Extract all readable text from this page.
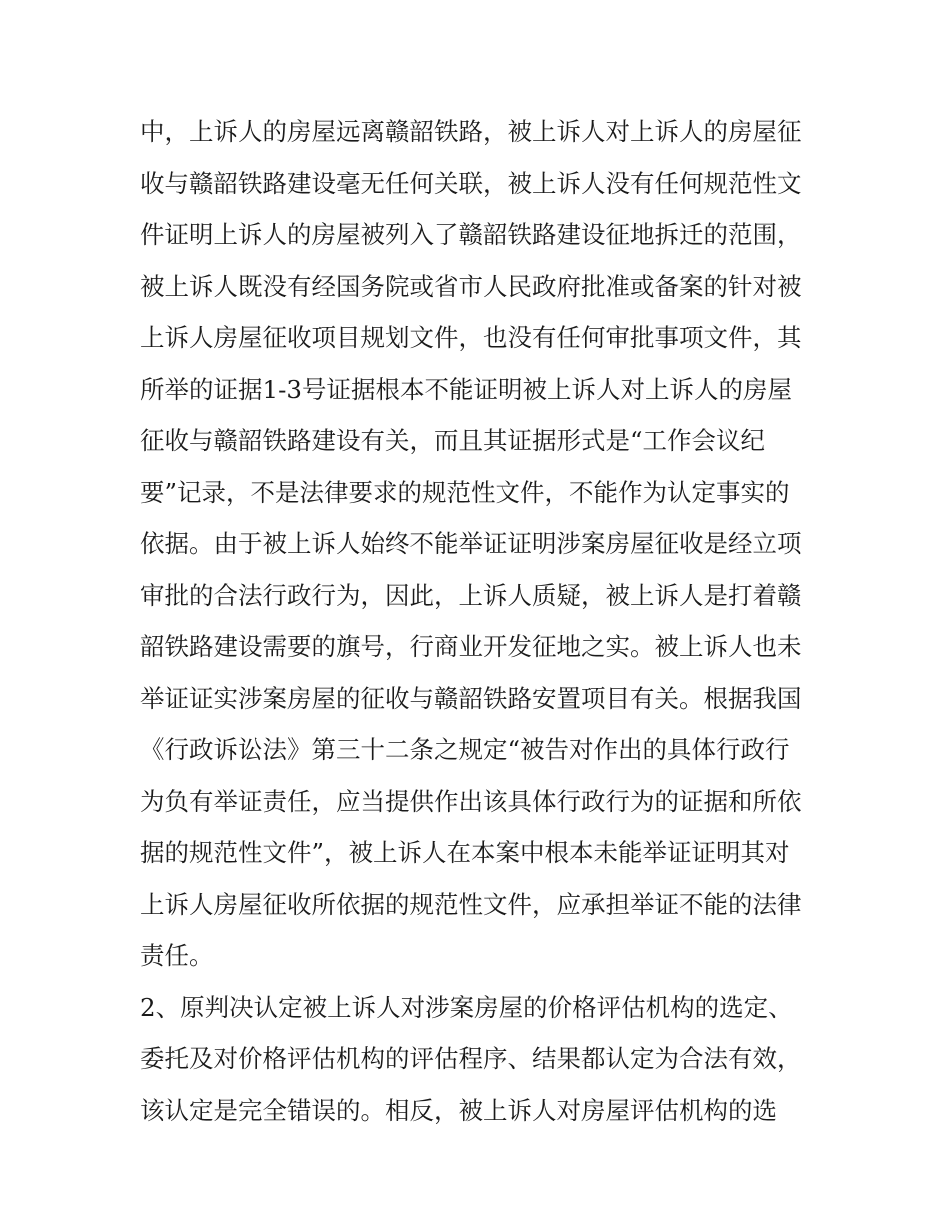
中，上诉人的房屋远离赣韶铁路，被上诉人对上诉人的房屋征
收与赣韶铁路建设毫无任何关联，被上诉人没有任何规范性文
件证明上诉人的房屋被列入了赣韶铁路建设征地拆迁的范围，
被上诉人既没有经国务院或省市人民政府批准或备案的针对被
上诉人房屋征收项目规划文件，也没有任何审批事项文件，其
所举的证据1-3号证据根本不能证明被上诉人对上诉人的房屋
征收与赣韶铁路建设有关，而且其证据形式是“工作会议纪
要”记录，不是法律要求的规范性文件，不能作为认定事实的
依据。由于被上诉人始终不能举证证明涉案房屋征收是经立项
审批的合法行政行为，因此，上诉人质疑，被上诉人是打着赣
韶铁路建设需要的旗号，行商业开发征地之实。被上诉人也未
举证证实涉案房屋的征收与赣韶铁路安置项目有关。根据我国
《行政诉讼法》第三十二条之规定“被告对作出的具体行政行
为负有举证责任，应当提供作出该具体行政行为的证据和所依
据的规范性文件”，被上诉人在本案中根本未能举证证明其对
上诉人房屋征收所依据的规范性文件，应承担举证不能的法律
责任。
2、原判决认定被上诉人对涉案房屋的价格评估机构的选定、
委托及对价格评估机构的评估程序、结果都认定为合法有效，
该认定是完全错误的。相反，被上诉人对房屋评估机构的选
